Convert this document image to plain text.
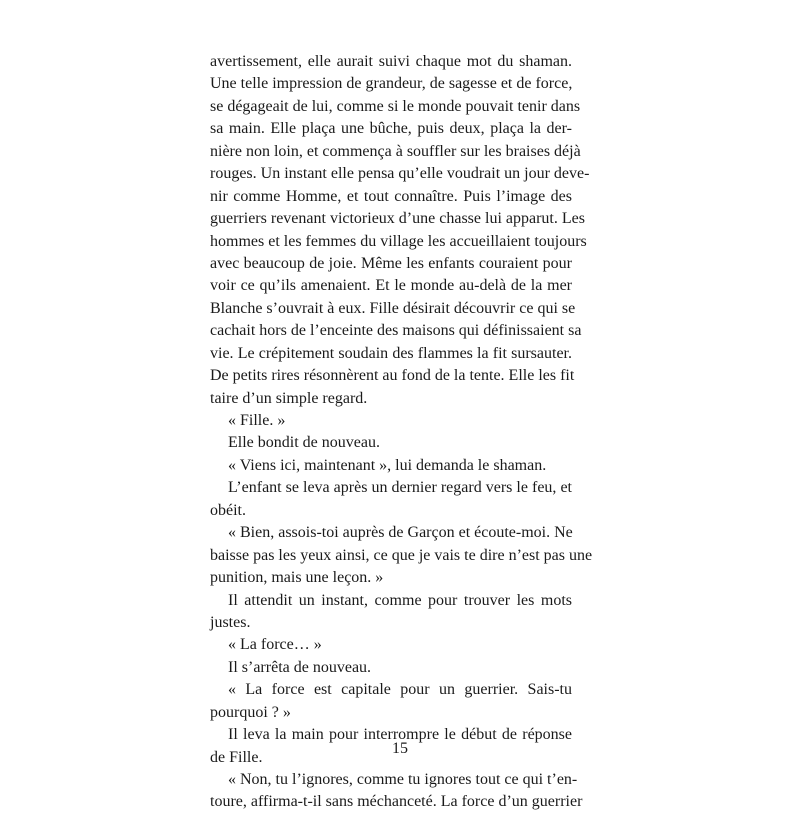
avertissement, elle aurait suivi chaque mot du shaman.
Une telle impression de grandeur, de sagesse et de force,
se dégageait de lui, comme si le monde pouvait tenir dans
sa main. Elle plaça une bûche, puis deux, plaça la der-
nière non loin, et commença à souffler sur les braises déjà
rouges. Un instant elle pensa qu’elle voudrait un jour deve-
nir comme Homme, et tout connaître. Puis l’image des
guerriers revenant victorieux d’une chasse lui apparut. Les
hommes et les femmes du village les accueillaient toujours
avec beaucoup de joie. Même les enfants couraient pour
voir ce qu’ils amenaient. Et le monde au-delà de la mer
Blanche s’ouvrait à eux. Fille désirait découvrir ce qui se
cachait hors de l’enceinte des maisons qui définissaient sa
vie. Le crépitement soudain des flammes la fit sursauter.
De petits rires résonnèrent au fond de la tente. Elle les fit
taire d’un simple regard.
« Fille. »
Elle bondit de nouveau.
« Viens ici, maintenant », lui demanda le shaman.
L’enfant se leva après un dernier regard vers le feu, et
obéit.
« Bien, assois-toi auprès de Garçon et écoute-moi. Ne
baisse pas les yeux ainsi, ce que je vais te dire n’est pas une
punition, mais une leçon. »
Il attendit un instant, comme pour trouver les mots
justes.
« La force… »
Il s’arrêta de nouveau.
« La force est capitale pour un guerrier. Sais-tu
pourquoi ? »
Il leva la main pour interrompre le début de réponse
de Fille.
« Non, tu l’ignores, comme tu ignores tout ce qui t’en-
toure, affirma-t-il sans méchanceté. La force d’un guerrier
15
